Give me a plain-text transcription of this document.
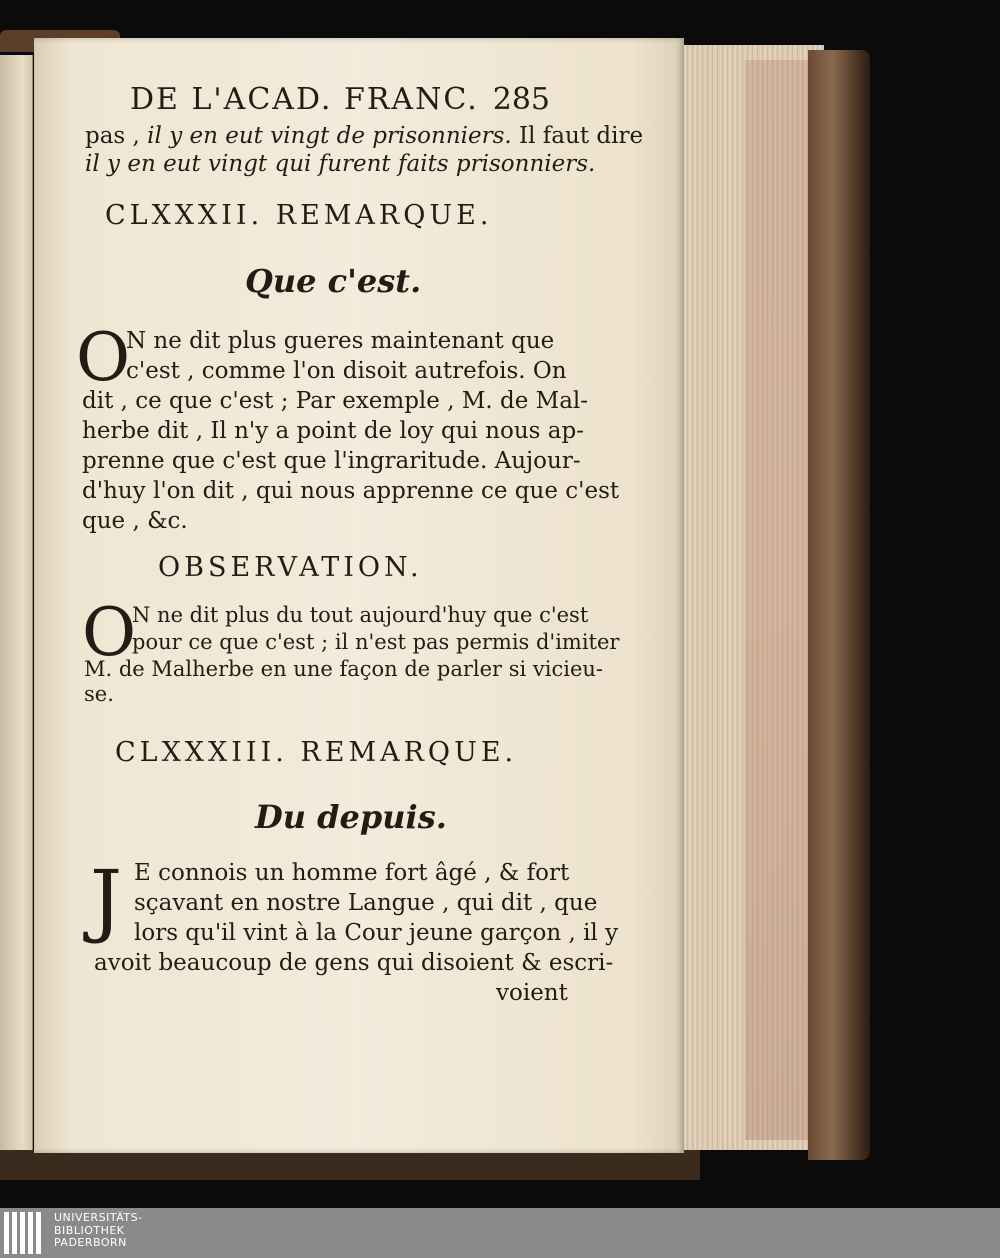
DE L'ACAD. FRANC. 285
pas , il y en eut vingt de prisonniers. Il faut dire
il y en eut vingt qui furent faits prisonniers.
CLXXXII. REMARQUE.
Que c'est.
O
N ne dit plus gueres maintenant que
c'est , comme l'on disoit autrefois. On
dit , ce que c'est ; Par exemple , M. de Mal-
herbe dit , Il n'y a point de loy qui nous ap-
prenne que c'est que l'ingraritude. Aujour-
d'huy l'on dit , qui nous apprenne ce que c'est
que , &c.
OBSERVATION.
O
N ne dit plus du tout aujourd'huy que c'est
pour ce que c'est ; il n'est pas permis d'imiter
M. de Malherbe en une façon de parler si vicieu-
se.
CLXXXIII. REMARQUE.
Du depuis.
J E connois un homme fort âgé , & fort
sçavant en nostre Langue , qui dit , que
lors qu'il vint à la Cour jeune garçon , il y
avoit beaucoup de gens qui disoient & escri-
voient
UNIVERSITÄTS-
BIBLIOTHEK
PADERBORN
